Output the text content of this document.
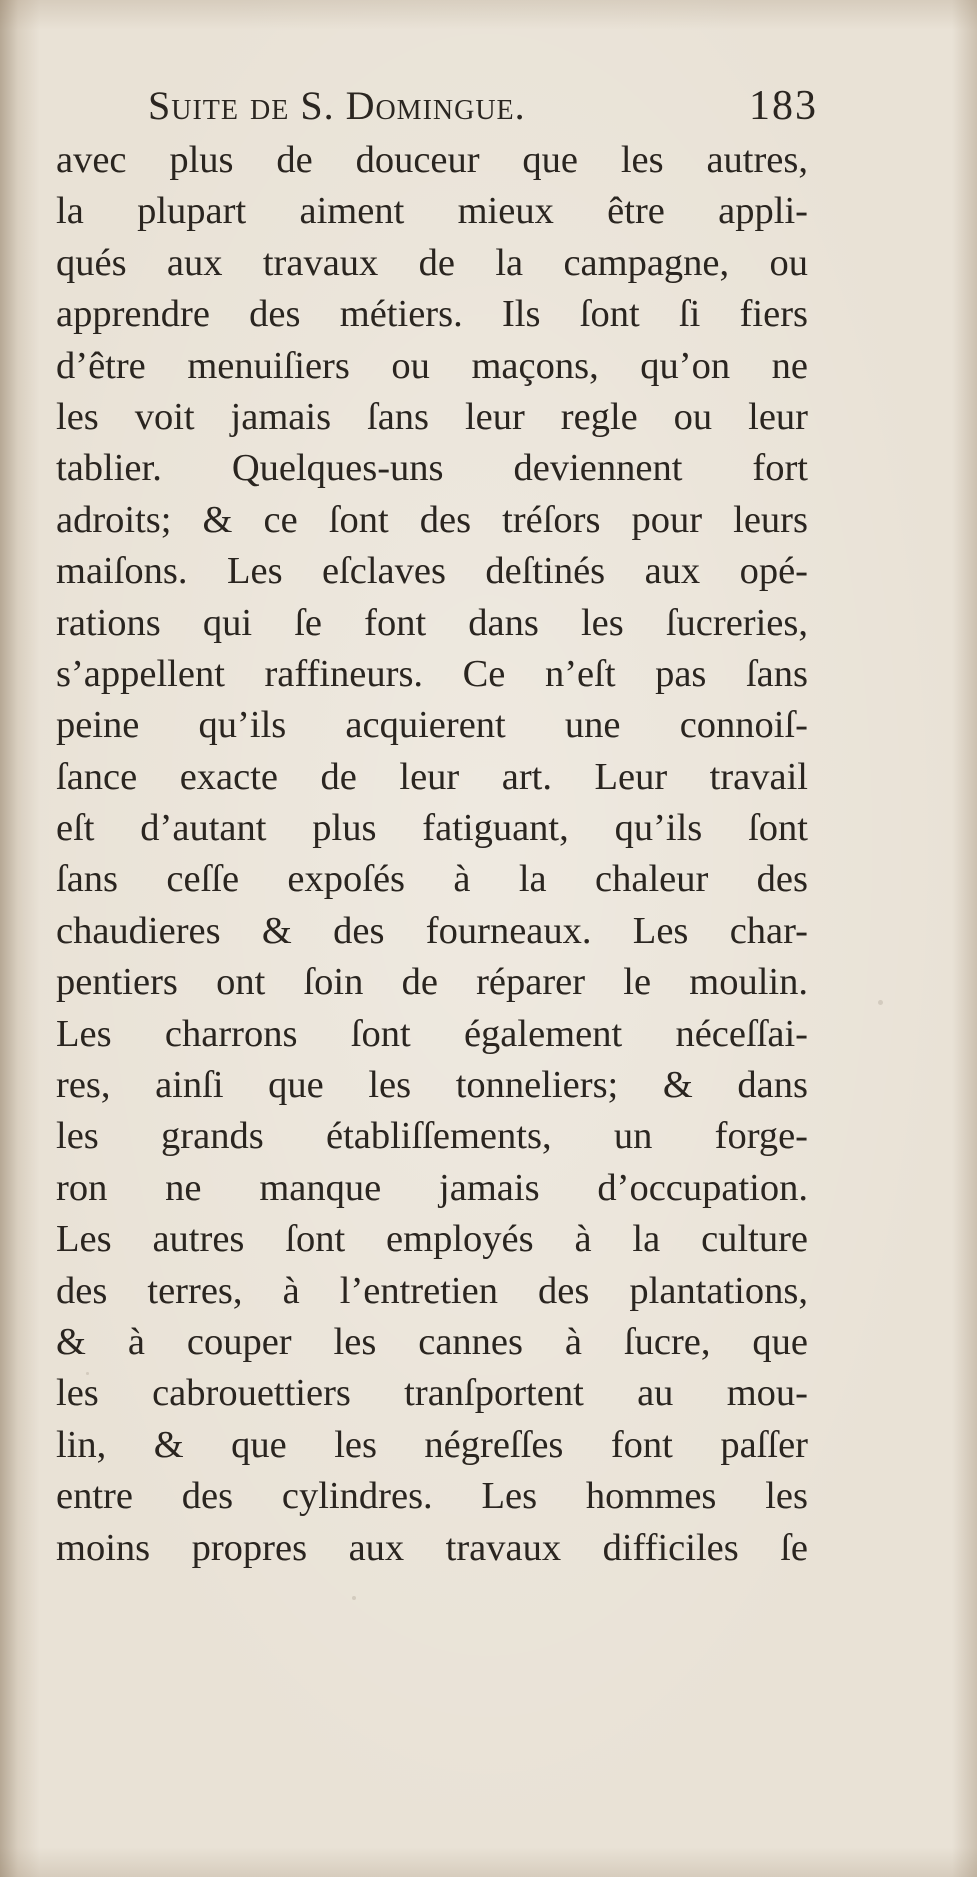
Suite de S. Domingue.	183
avec plus de douceur que les autres,
la plupart aiment mieux être appli-
qués aux travaux de la campagne, ou
apprendre des métiers. Ils ſont ſi fiers
d’être menuiſiers ou maçons, qu’on ne
les voit jamais ſans leur regle ou leur
tablier. Quelques-uns deviennent fort
adroits; & ce ſont des tréſors pour leurs
maiſons. Les eſclaves deſtinés aux opé-
rations qui ſe font dans les ſucreries,
s’appellent raffineurs. Ce n’eſt pas ſans
peine qu’ils acquierent une connoiſ-
ſance exacte de leur art. Leur travail
eſt d’autant plus fatiguant, qu’ils ſont
ſans ceſſe expoſés à la chaleur des
chaudieres & des fourneaux. Les char-
pentiers ont ſoin de réparer le moulin.
Les charrons ſont également néceſſai-
res, ainſi que les tonneliers; & dans
les grands établiſſements, un forge-
ron ne manque jamais d’occupation.
Les autres ſont employés à la culture
des terres, à l’entretien des plantations,
& à couper les cannes à ſucre, que
les cabrouettiers tranſportent au mou-
lin, & que les négreſſes font paſſer
entre des cylindres. Les hommes les
moins propres aux travaux difficiles ſe
